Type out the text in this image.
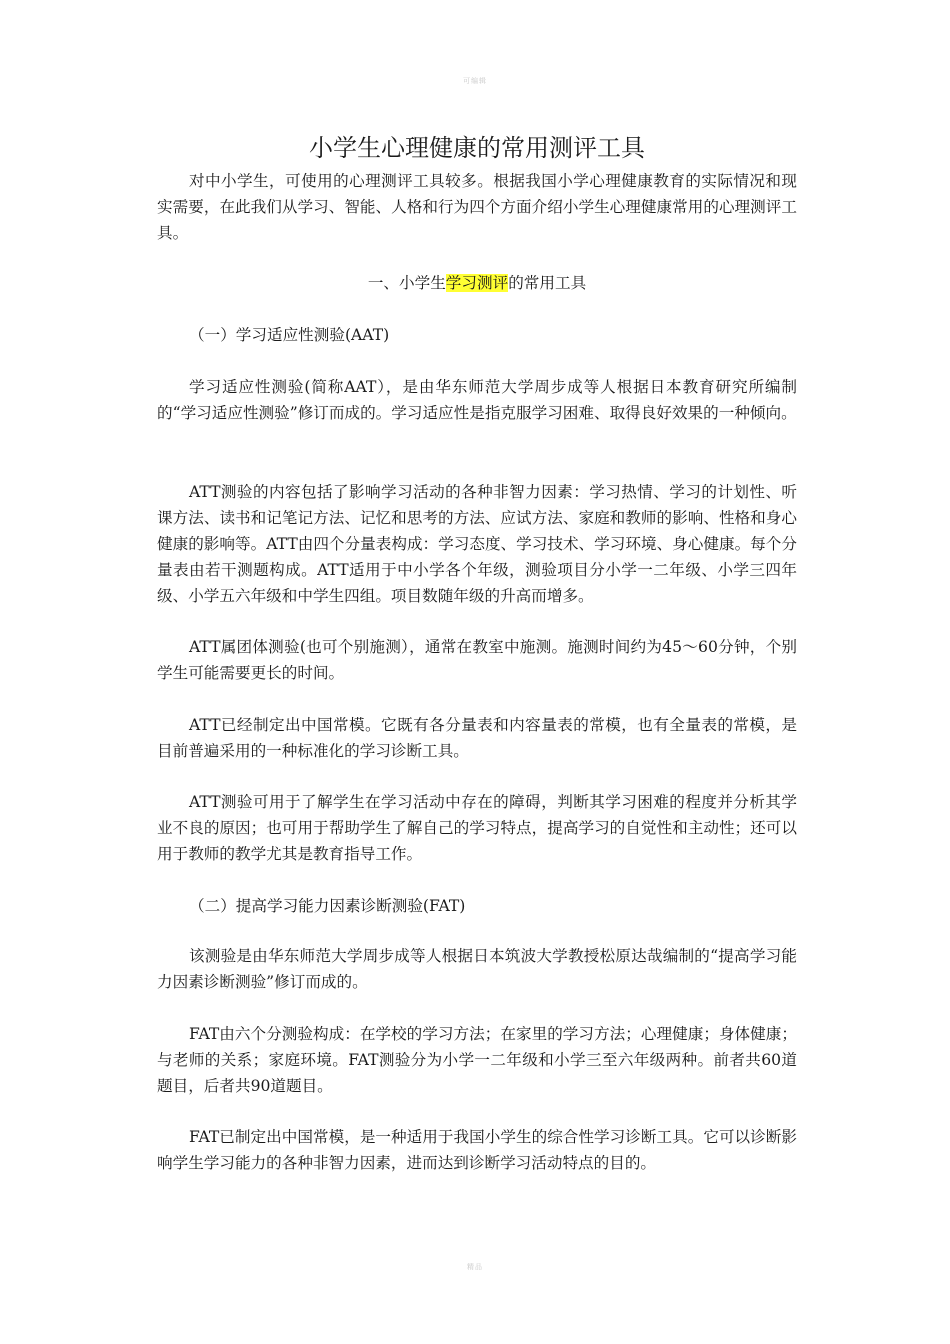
可编辑
小学生心理健康的常用测评工具

对中小学生，可使用的心理测评工具较多。根据我国小学心理健康教育的实际情况和现实需要，在此我们从学习、智能、人格和行为四个方面介绍小学生心理健康常用的心理测评工具。

一、小学生学习测评的常用工具

（一）学习适应性测验(AAT)

学习适应性测验(简称AAT），是由华东师范大学周步成等人根据日本教育研究所编制的“学习适应性测验”修订而成的。学习适应性是指克服学习困难、取得良好效果的一种倾向。

ATT测验的内容包括了影响学习活动的各种非智力因素：学习热情、学习的计划性、听课方法、读书和记笔记方法、记忆和思考的方法、应试方法、家庭和教师的影响、性格和身心健康的影响等。ATT由四个分量表构成：学习态度、学习技术、学习环境、身心健康。每个分量表由若干测题构成。ATT适用于中小学各个年级，测验项目分小学一二年级、小学三四年级、小学五六年级和中学生四组。项目数随年级的升高而增多。

ATT属团体测验(也可个别施测），通常在教室中施测。施测时间约为45～60分钟，个别学生可能需要更长的时间。

ATT已经制定出中国常模。它既有各分量表和内容量表的常模，也有全量表的常模，是目前普遍采用的一种标准化的学习诊断工具。

ATT测验可用于了解学生在学习活动中存在的障碍，判断其学习困难的程度并分析其学业不良的原因；也可用于帮助学生了解自己的学习特点，提高学习的自觉性和主动性；还可以用于教师的教学尤其是教育指导工作。

（二）提高学习能力因素诊断测验(FAT)

该测验是由华东师范大学周步成等人根据日本筑波大学教授松原达哉编制的“提高学习能力因素诊断测验”修订而成的。

FAT由六个分测验构成：在学校的学习方法；在家里的学习方法；心理健康；身体健康；与老师的关系；家庭环境。FAT测验分为小学一二年级和小学三至六年级两种。前者共60道题目，后者共90道题目。

FAT已制定出中国常模，是一种适用于我国小学生的综合性学习诊断工具。它可以诊断影响学生学习能力的各种非智力因素，进而达到诊断学习活动特点的目的。

精品
